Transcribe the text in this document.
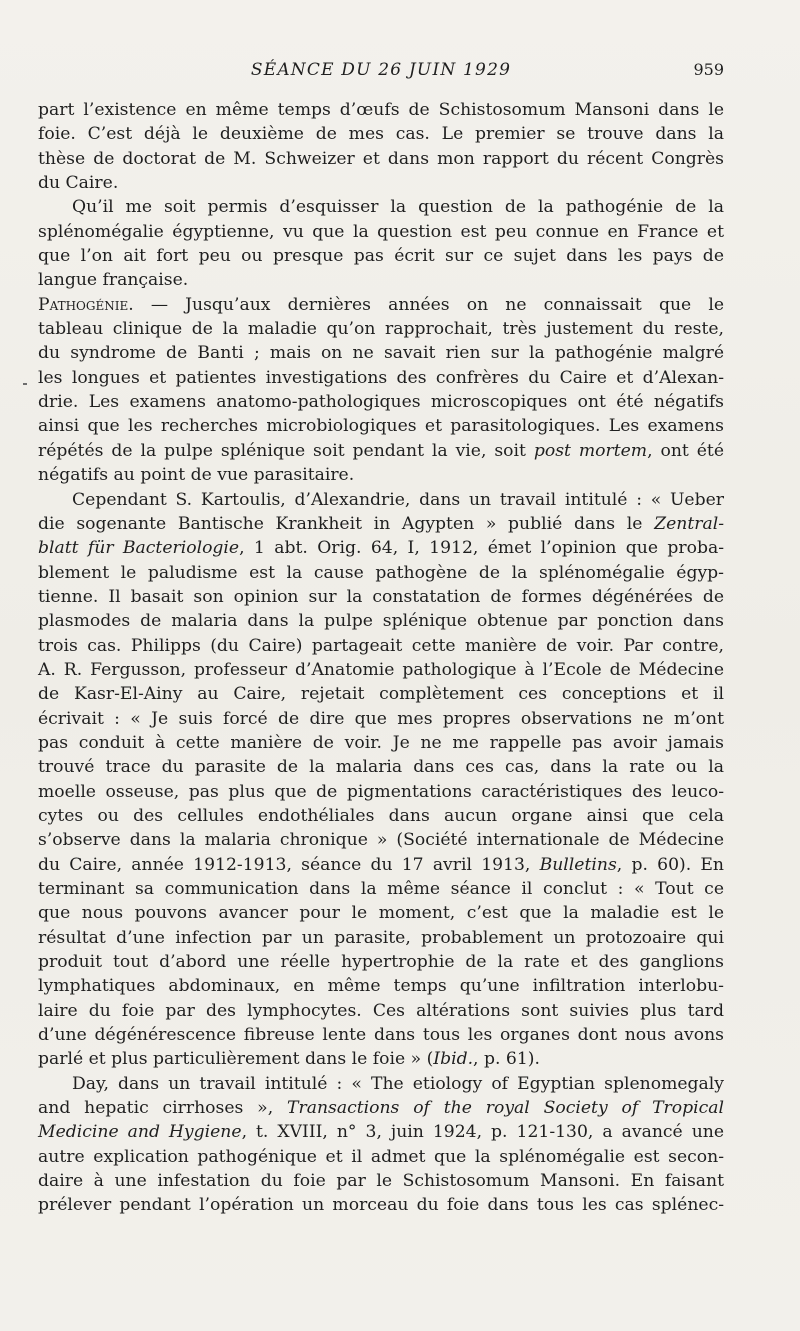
SÉANCE DU 26 JUIN 1929	959
part l’existence en même temps d’œufs de Schistosomum Mansoni dans le
foie. C’est déjà le deuxième de mes cas. Le premier se trouve dans la
thèse de doctorat de M. Schweizer et dans mon rapport du récent Congrès
du Caire.
Qu’il me soit permis d’esquisser la question de la pathogénie de la
splénomégalie égyptienne, vu que la question est peu connue en France et
que l’on ait fort peu ou presque pas écrit sur ce sujet dans les pays de
langue française.
Pathogénie. — Jusqu’aux dernières années on ne connaissait que le
tableau clinique de la maladie qu’on rapprochait, très justement du reste,
du syndrome de Banti ; mais on ne savait rien sur la pathogénie malgré
les longues et patientes investigations des confrères du Caire et d’Alexan-
drie. Les examens anatomo-pathologiques microscopiques ont été négatifs
ainsi que les recherches microbiologiques et parasitologiques. Les examens
répétés de la pulpe splénique soit pendant la vie, soit post mortem, ont été
négatifs au point de vue parasitaire.
Cependant S. Kartoulis, d’Alexandrie, dans un travail intitulé : « Ueber
die sogenante Bantische Krankheit in Agypten » publié dans le Zentral-
blatt für Bacteriologie, 1 abt. Orig. 64, I, 1912, émet l’opinion que proba-
blement le paludisme est la cause pathogène de la splénomégalie égyp-
tienne. Il basait son opinion sur la constatation de formes dégénérées de
plasmodes de malaria dans la pulpe splénique obtenue par ponction dans
trois cas. Philipps (du Caire) partageait cette manière de voir. Par contre,
A. R. Fergusson, professeur d’Anatomie pathologique à l’Ecole de Médecine
de Kasr-El-Ainy au Caire, rejetait complètement ces conceptions et il
écrivait : « Je suis forcé de dire que mes propres observations ne m’ont
pas conduit à cette manière de voir. Je ne me rappelle pas avoir jamais
trouvé trace du parasite de la malaria dans ces cas, dans la rate ou la
moelle osseuse, pas plus que de pigmentations caractéristiques des leuco-
cytes ou des cellules endothéliales dans aucun organe ainsi que cela
s’observe dans la malaria chronique » (Société internationale de Médecine
du Caire, année 1912-1913, séance du 17 avril 1913, Bulletins, p. 60). En
terminant sa communication dans la même séance il conclut : « Tout ce
que nous pouvons avancer pour le moment, c’est que la maladie est le
résultat d’une infection par un parasite, probablement un protozoaire qui
produit tout d’abord une réelle hypertrophie de la rate et des ganglions
lymphatiques abdominaux, en même temps qu’une infiltration interlobu-
laire du foie par des lymphocytes. Ces altérations sont suivies plus tard
d’une dégénérescence fibreuse lente dans tous les organes dont nous avons
parlé et plus particulièrement dans le foie » (Ibid., p. 61).
Day, dans un travail intitulé : « The etiology of Egyptian splenomegaly
and hepatic cirrhoses », Transactions of the royal Society of Tropical
Medicine and Hygiene, t. XVIII, n° 3, juin 1924, p. 121-130, a avancé une
autre explication pathogénique et il admet que la splénomégalie est secon-
daire à une infestation du foie par le Schistosomum Mansoni. En faisant
prélever pendant l’opération un morceau du foie dans tous les cas splénec-
